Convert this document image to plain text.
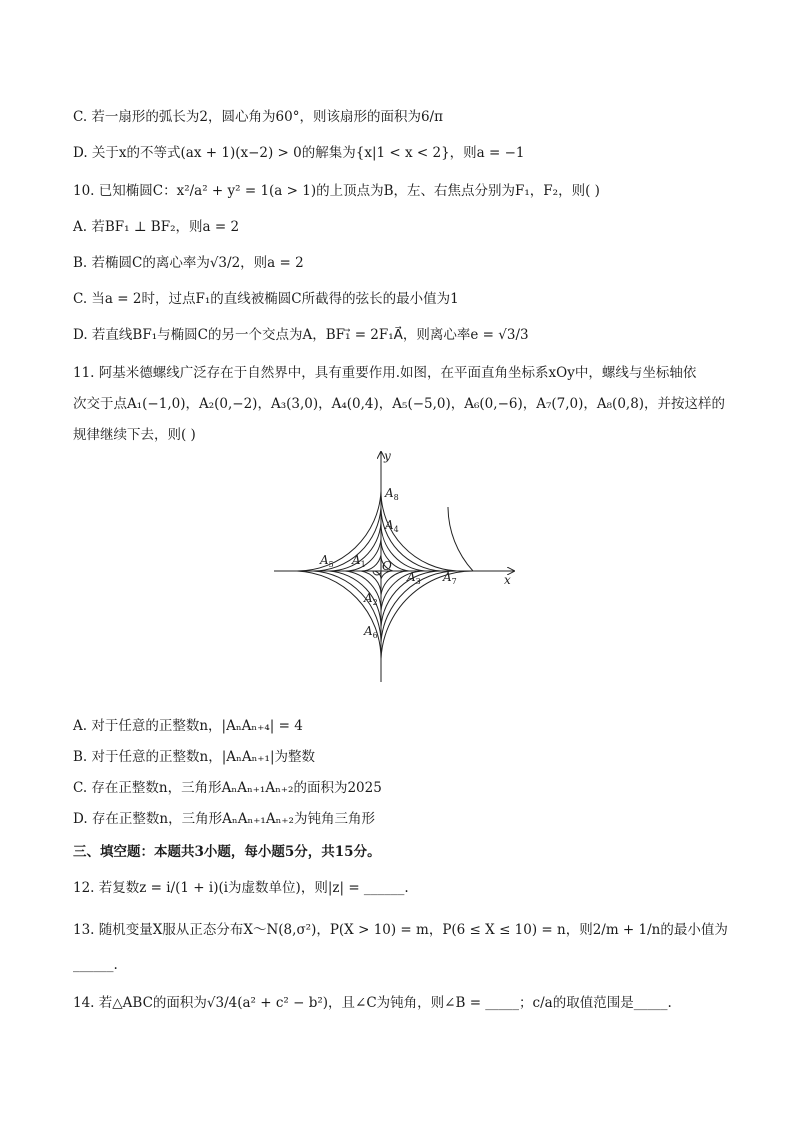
C. 若一扇形的弧长为2，圆心角为60°，则该扇形的面积为6/π
D. 关于x的不等式(ax + 1)(x−2) > 0的解集为{x|1 < x < 2}，则a = −1
10. 已知椭圆C：x²/a² + y² = 1(a > 1)的上顶点为B，左、右焦点分别为F₁，F₂，则( )
A. 若BF₁ ⊥ BF₂，则a = 2
B. 若椭圆C的离心率为√3/2，则a = 2
C. 当a = 2时，过点F₁的直线被椭圆C所截得的弦长的最小值为1
D. 若直线BF₁与椭圆C的另一个交点为A，BF₁⃗ = 2F₁A⃗，则离心率e = √3/3
11. 阿基米德螺线广泛存在于自然界中，具有重要作用.如图，在平面直角坐标系xOy中，螺线与坐标轴依
次交于点A₁(−1,0)，A₂(0,−2)，A₃(3,0)，A₄(0,4)，A₅(−5,0)，A₆(0,−6)，A₇(7,0)，A₈(0,8)，并按这样的
规律继续下去，则( )
y
x
O
$A_1$
$A_2$
$A_3$
$A_4$
$A_5$
$A_6$
$A_7$
$A_8$
A. 对于任意的正整数n，|AₙAₙ₊₄| = 4
B. 对于任意的正整数n，|AₙAₙ₊₁|为整数
C. 存在正整数n，三角形AₙAₙ₊₁Aₙ₊₂的面积为2025
D. 存在正整数n，三角形AₙAₙ₊₁Aₙ₊₂为钝角三角形
三、填空题：本题共3小题，每小题5分，共15分。
12. 若复数z = i/(1 + i)(i为虚数单位)，则|z| = ______.
13. 随机变量X服从正态分布X～N(8,σ²)，P(X > 10) = m，P(6 ≤ X ≤ 10) = n，则2/m + 1/n的最小值为
______.
14. 若△ABC的面积为√3/4(a² + c² − b²)，且∠C为钝角，则∠B = _____；c/a的取值范围是_____.
